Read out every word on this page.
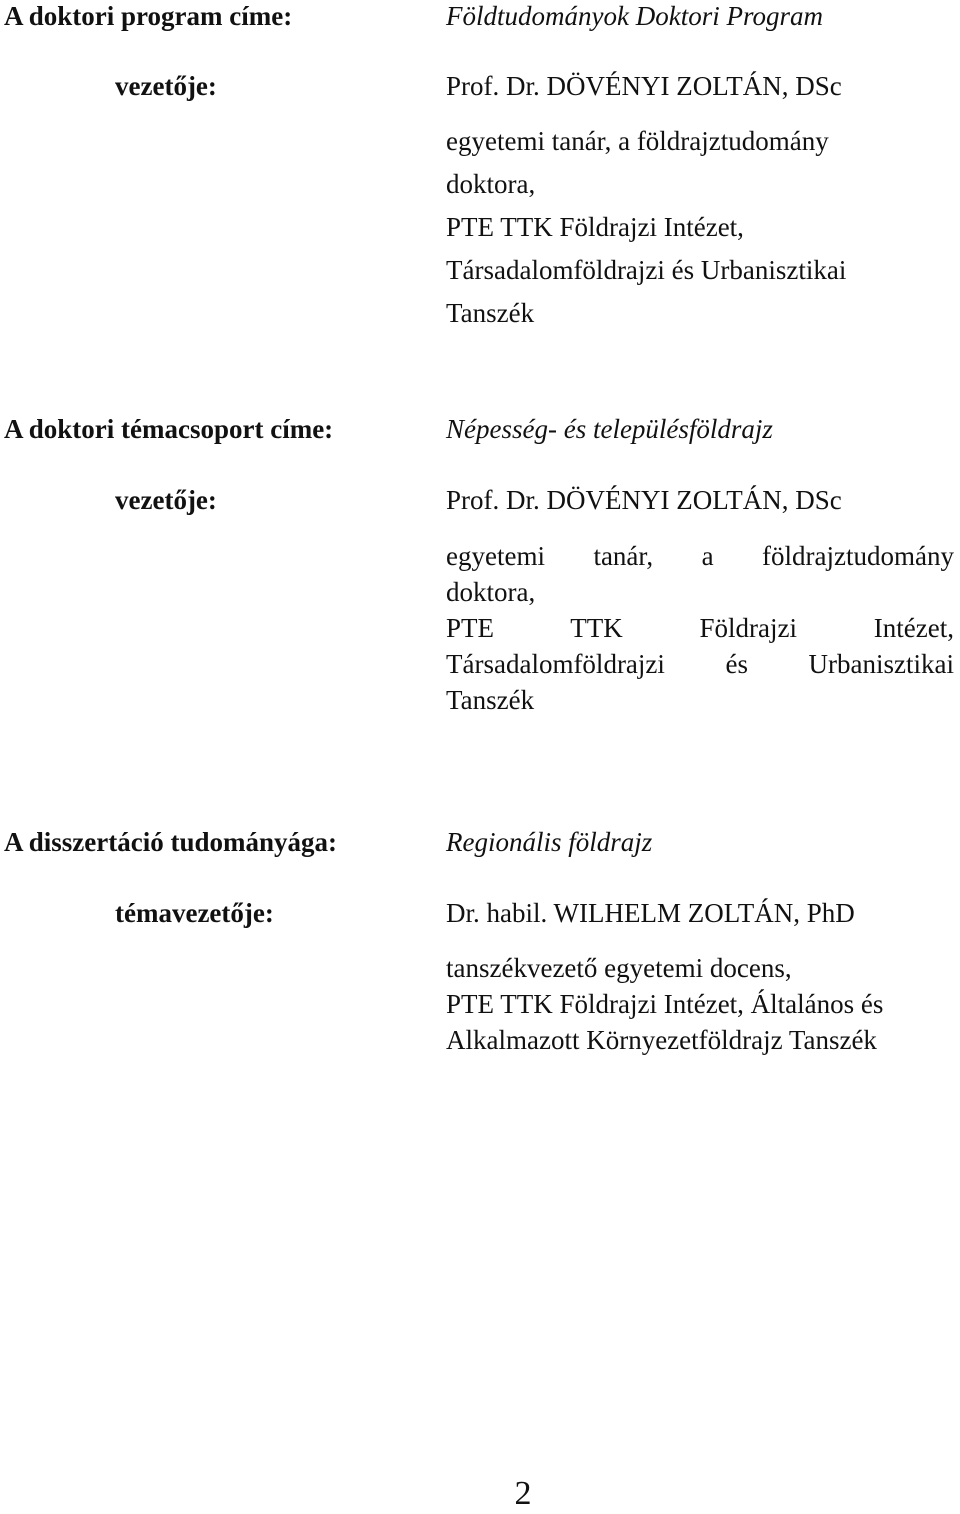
A doktori program címe:	Földtudományok Doktori Program
vezetője:	Prof. Dr. DÖVÉNYI ZOLTÁN, DSc
egyetemi tanár, a földrajztudomány
doktora,
PTE TTK Földrajzi Intézet,
Társadalomföldrajzi és Urbanisztikai
Tanszék
A doktori témacsoport címe:	Népesség- és településföldrajz
vezetője:	Prof. Dr. DÖVÉNYI ZOLTÁN, DSc
egyetemi tanár, a földrajztudomány
doktora,
PTE TTK Földrajzi Intézet,
Társadalomföldrajzi és Urbanisztikai
Tanszék
A disszertáció tudományága:	Regionális földrajz
témavezetője:	Dr. habil. WILHELM ZOLTÁN, PhD
tanszékvezető egyetemi docens,
PTE TTK Földrajzi Intézet, Általános és
Alkalmazott Környezetföldrajz Tanszék
2
